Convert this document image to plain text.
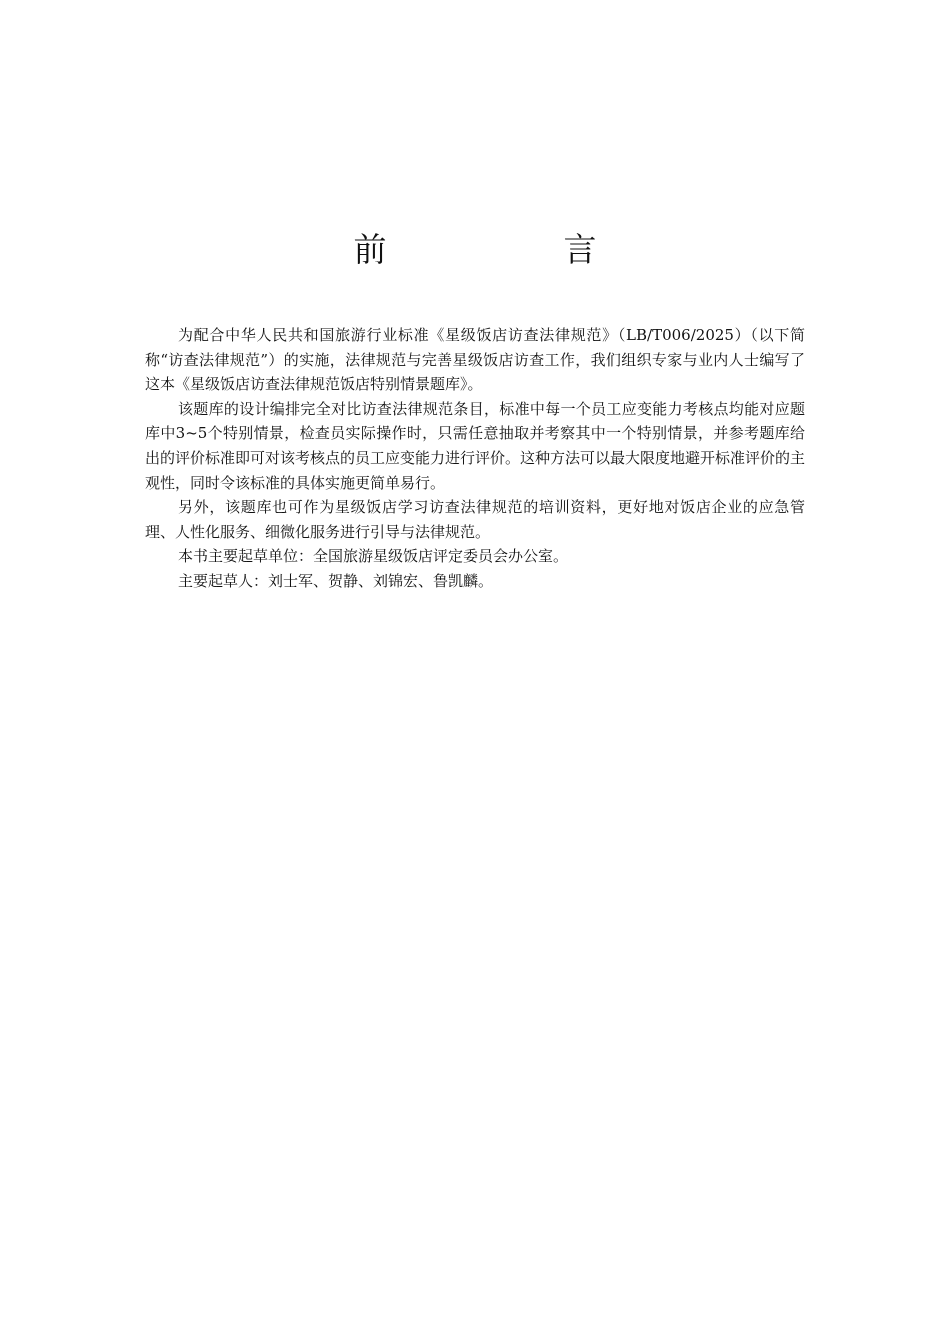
前　言

为配合中华人民共和国旅游行业标准《星级饭店访查法律规范》（LB/T006/2025）（以下简称“访查法律规范”）的实施，法律规范与完善星级饭店访查工作，我们组织专家与业内人士编写了这本《星级饭店访查法律规范饭店特别情景题库》。

该题库的设计编排完全对比访查法律规范条目，标准中每一个员工应变能力考核点均能对应题库中3~5个特别情景，检查员实际操作时，只需任意抽取并考察其中一个特别情景，并参考题库给出的评价标准即可对该考核点的员工应变能力进行评价。这种方法可以最大限度地避开标准评价的主观性，同时令该标准的具体实施更简单易行。

另外，该题库也可作为星级饭店学习访查法律规范的培训资料，更好地对饭店企业的应急管理、人性化服务、细微化服务进行引导与法律规范。

本书主要起草单位：全国旅游星级饭店评定委员会办公室。

主要起草人：刘士军、贺静、刘锦宏、鲁凯麟。
